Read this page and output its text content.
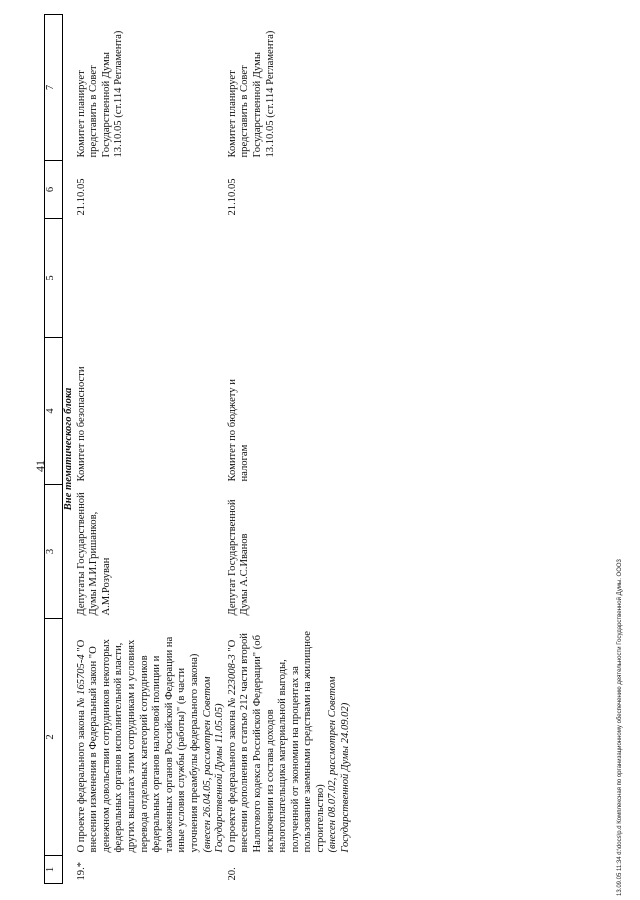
41
1	2	3	4	5	6	7
Вне тематического блока						
19.*	О проекте федерального закона № 165705-4 "О внесении изменения в Федеральный закон "О денежном довольствии сотрудников некоторых федеральных органов исполнительной власти, других выплатах этим сотрудникам и условиях перевода отдельных категорий сотрудников федеральных органов налоговой полиции и таможенных органов Российской Федерации на иные условия службы (работы)" (в части уточнения преамбулы федерального закона) (внесен 26.04.05, рассмотрен Советом Государственной Думы 11.05.05)	Депутаты Государственной Думы М.И.Гришанков, А.М.Розуван	Комитет по безопасности		21.10.05	Комитет планирует представить в Совет Государственной Думы 13.10.05 (ст.114 Регламента)
20.	О проекте федерального закона № 223008-3 "О внесении дополнения в статью 212 части второй Налогового кодекса Российской Федерации" (об исключении из состава доходов налогоплательщика материальной выгоды, полученной от экономии на процентах за пользование заемными средствами на жилищное строительство) (внесен 08.07.02, рассмотрен Советом Государственной Думы 24.09.02)	Депутат Государственной Думы А.С.Иванов	Комитет по бюджету и налогам		21.10.05	Комитет планирует представить в Совет Государственной Думы 13.10.05 (ст.114 Регламента)
13.09.05 11:34 d:\docs\p.d Комплексная по организационному обеспечению деятельности Государственной Думы. ООО3
